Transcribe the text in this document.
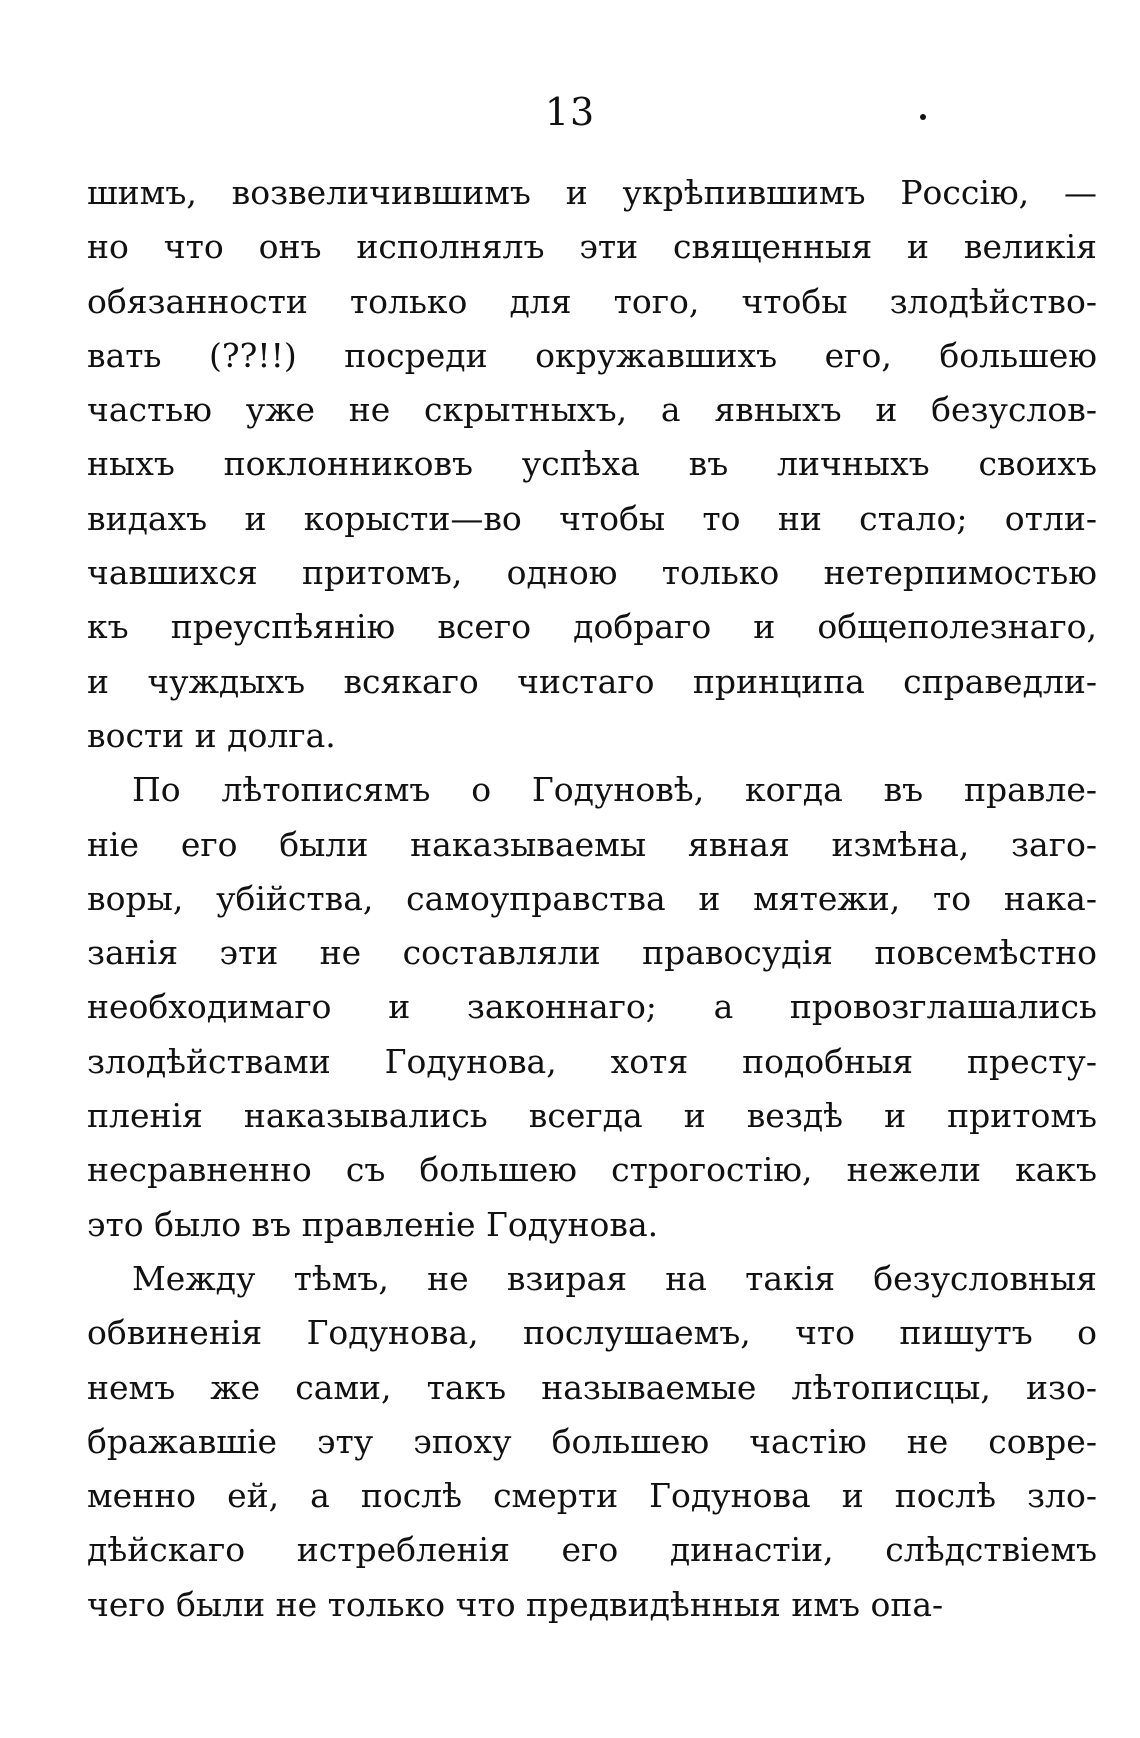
13
шимъ, возвеличившимъ и укрѣпившимъ Россію, —
но что онъ исполнялъ эти священныя и великія
обязанности только для того, чтобы злодѣйство-
вать (??!!) посреди окружавшихъ его, большею
частью уже не скрытныхъ, а явныхъ и безуслов-
ныхъ поклонниковъ успѣха въ личныхъ своихъ
видахъ и корысти—во чтобы то ни стало; отли-
чавшихся притомъ, одною только нетерпимостью
къ преуспѣянію всего добраго и общеполезнаго,
и чуждыхъ всякаго чистаго принципа справедли-
вости и долга.
По лѣтописямъ о Годуновѣ, когда въ правле-
ніе его были наказываемы явная измѣна, заго-
воры, убійства, самоуправства и мятежи, то нака-
занія эти не составляли правосудія повсемѣстно
необходимаго и законнаго; а провозглашались
злодѣйствами Годунова, хотя подобныя престу-
пленія наказывались всегда и вездѣ и притомъ
несравненно съ большею строгостію, нежели какъ
это было въ правленіе Годунова.
Между тѣмъ, не взирая на такія безусловныя
обвиненія Годунова, послушаемъ, что пишутъ о
немъ же сами, такъ называемые лѣтописцы, изо-
бражавшіе эту эпоху большею частію не совре-
менно ей, а послѣ смерти Годунова и послѣ зло-
дѣйскаго истребленія его династіи, слѣдствіемъ
чего были не только что предвидѣнныя имъ опа-
